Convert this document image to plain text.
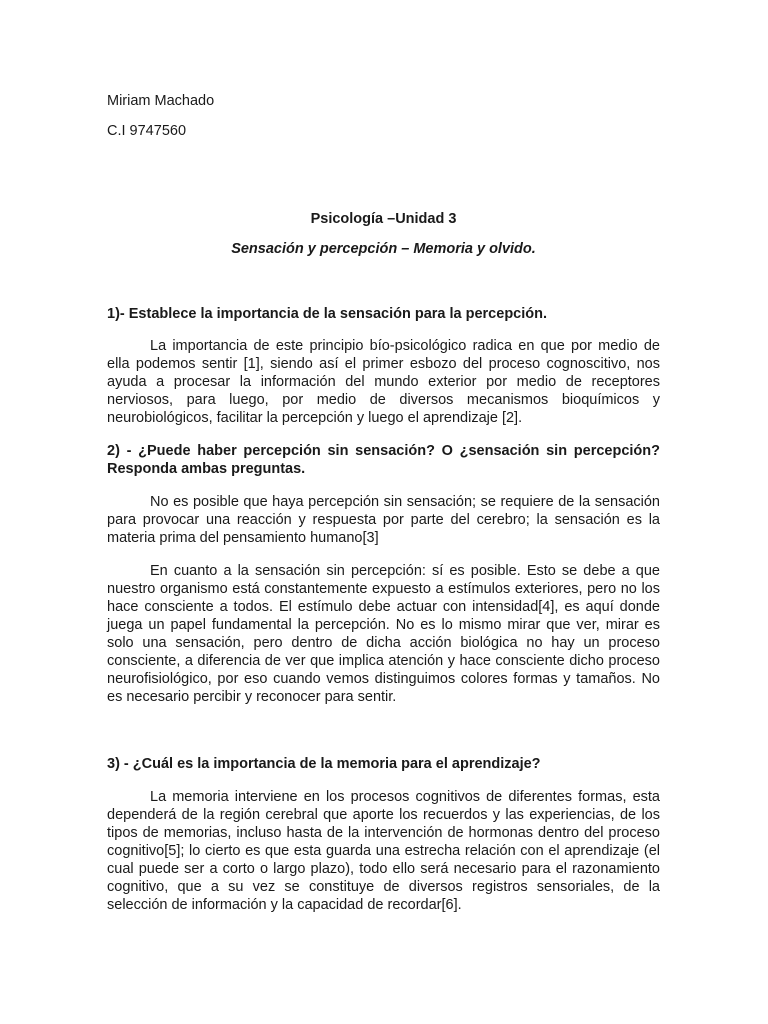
Miriam Machado
C.I 9747560
Psicología –Unidad 3
Sensación y percepción – Memoria y olvido.
1)- Establece la importancia de la sensación para la percepción.
La importancia de este principio bío-psicológico radica en que por medio de ella podemos sentir [1], siendo así el primer esbozo del proceso cognoscitivo, nos ayuda a procesar la información del mundo exterior por medio de receptores nerviosos, para luego, por medio de diversos mecanismos bioquímicos y neurobiológicos, facilitar la percepción y luego el aprendizaje [2].
2) - ¿Puede haber percepción sin sensación? O ¿sensación sin percepción? Responda ambas preguntas.
No es posible que haya percepción sin sensación; se requiere de la sensación para provocar una reacción y respuesta por parte del cerebro; la sensación es la materia prima del pensamiento humano[3]
En cuanto a la sensación sin percepción: sí es posible. Esto se debe a que nuestro organismo está constantemente expuesto a estímulos exteriores, pero no los hace consciente a todos. El estímulo debe actuar con intensidad[4], es aquí donde juega un papel fundamental la percepción. No es lo mismo mirar que ver, mirar es solo una sensación, pero dentro de dicha acción biológica no hay un proceso consciente, a diferencia de ver que implica atención y hace consciente dicho proceso neurofisiológico, por eso cuando vemos distinguimos colores formas y tamaños. No es necesario percibir y reconocer para sentir.
3) - ¿Cuál es la importancia de la memoria para el aprendizaje?
La memoria interviene en los procesos cognitivos de diferentes formas, esta dependerá de la región cerebral que aporte los recuerdos y las experiencias, de los tipos de memorias, incluso hasta de la intervención de hormonas dentro del proceso cognitivo[5]; lo cierto es que esta guarda una estrecha relación con el aprendizaje (el cual puede ser a corto o largo plazo), todo ello será necesario para el razonamiento cognitivo, que a su vez se constituye de diversos registros sensoriales, de la selección de información y la capacidad de recordar[6].
